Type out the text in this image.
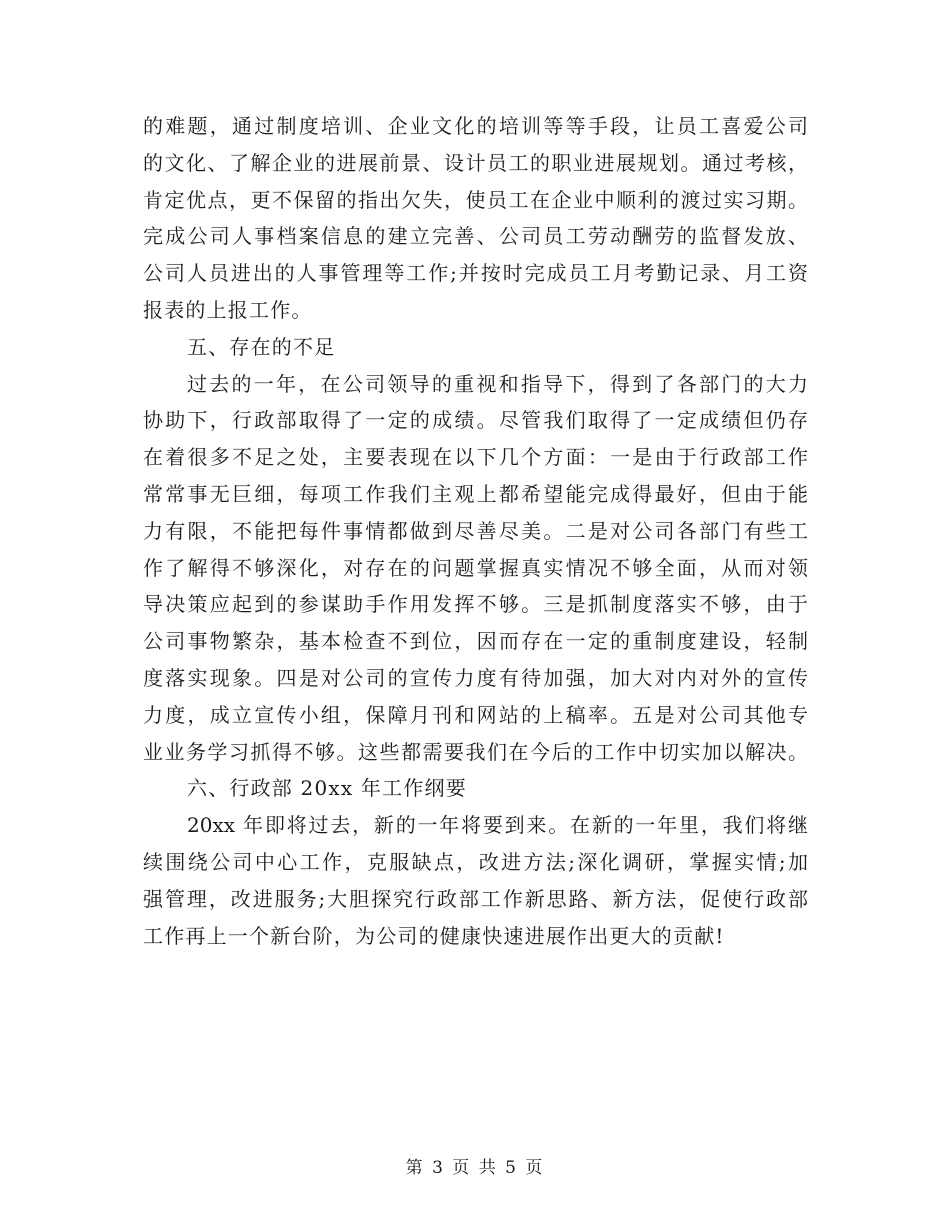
的难题，通过制度培训、企业文化的培训等等手段，让员工喜爱公司
的文化、了解企业的进展前景、设计员工的职业进展规划。通过考核，
肯定优点，更不保留的指出欠失，使员工在企业中顺利的渡过实习期。
完成公司人事档案信息的建立完善、公司员工劳动酬劳的监督发放、
公司人员进出的人事管理等工作;并按时完成员工月考勤记录、月工资
报表的上报工作。
五、存在的不足
过去的一年，在公司领导的重视和指导下，得到了各部门的大力
协助下，行政部取得了一定的成绩。尽管我们取得了一定成绩但仍存
在着很多不足之处，主要表现在以下几个方面：一是由于行政部工作
常常事无巨细，每项工作我们主观上都希望能完成得最好，但由于能
力有限，不能把每件事情都做到尽善尽美。二是对公司各部门有些工
作了解得不够深化，对存在的问题掌握真实情况不够全面，从而对领
导决策应起到的参谋助手作用发挥不够。三是抓制度落实不够，由于
公司事物繁杂，基本检查不到位，因而存在一定的重制度建设，轻制
度落实现象。四是对公司的宣传力度有待加强，加大对内对外的宣传
力度，成立宣传小组，保障月刊和网站的上稿率。五是对公司其他专
业业务学习抓得不够。这些都需要我们在今后的工作中切实加以解决。
六、行政部 20xx 年工作纲要
20xx 年即将过去，新的一年将要到来。在新的一年里，我们将继
续围绕公司中心工作，克服缺点，改进方法;深化调研，掌握实情;加
强管理，改进服务;大胆探究行政部工作新思路、新方法，促使行政部
工作再上一个新台阶，为公司的健康快速进展作出更大的贡献!
第 3 页 共 5 页
